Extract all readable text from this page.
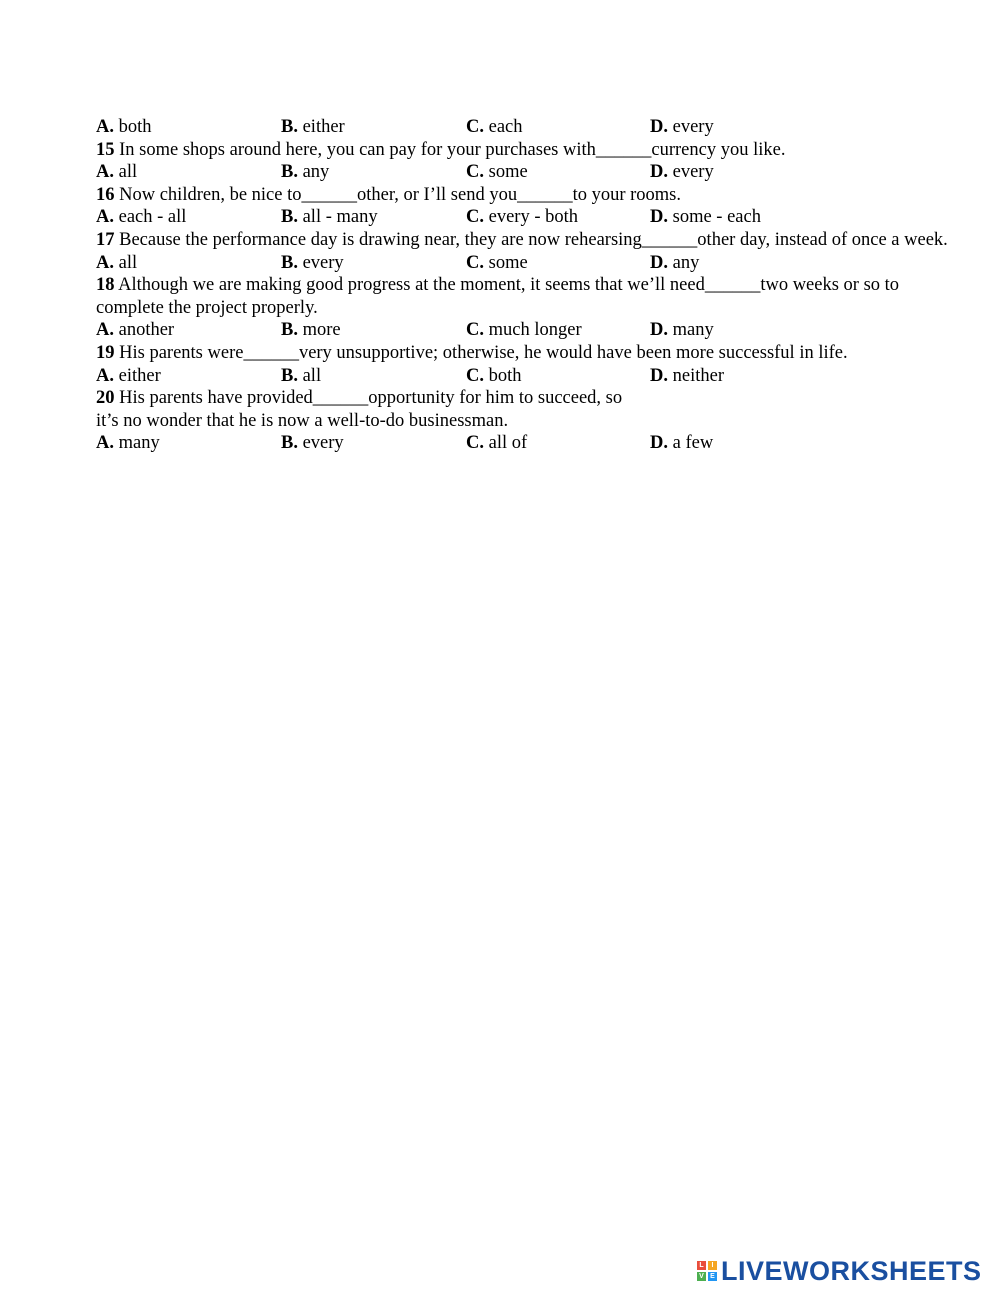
A. both	B. either	C. each	D. every
15 In some shops around here, you can pay for your purchases with______currency you like.
A. all	B. any	C. some	D. every
16 Now children, be nice to______other, or I’ll send you______to your rooms.
A. each - all	B. all - many	C. every - both	D. some - each
17 Because the performance day is drawing near, they are now rehearsing______other day, instead of once a week.
A. all	B. every	C. some	D. any
18 Although we are making good progress at the moment, it seems that we’ll need______two weeks or so to complete the project properly.
A. another	B. more	C. much longer	D. many
19 His parents were______very unsupportive; otherwise, he would have been more successful in life.
A. either	B. all	C. both	D. neither
20 His parents have provided______opportunity for him to succeed, so
it’s no wonder that he is now a well-to-do businessman.
A. many	B. every	C. all of	D. a few
L	I
V E LIVEWORKSHEETS
